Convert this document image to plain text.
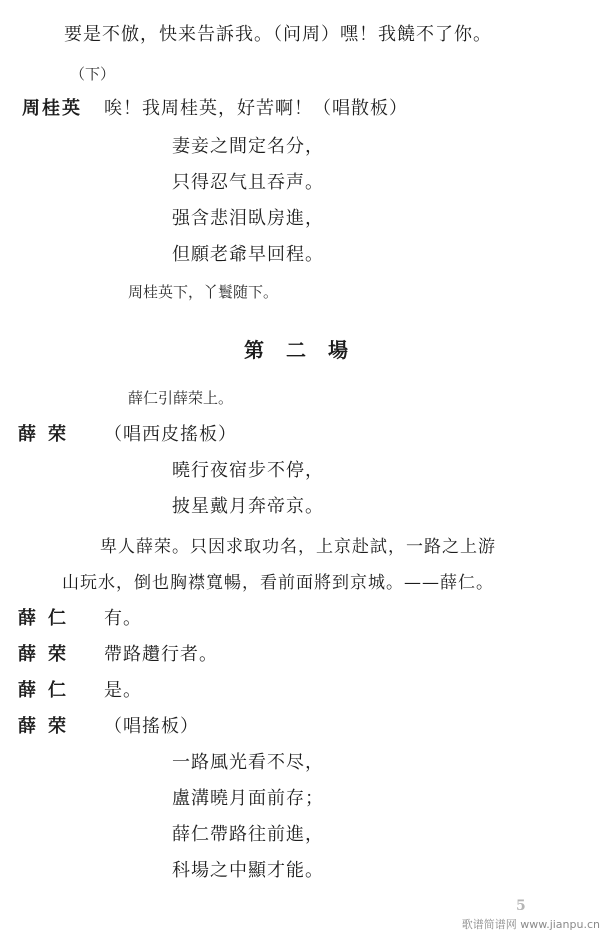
要是不倣，快来告訴我。（问周）嘿！我饒不了你。
（下）
周桂英 唉！我周桂英，好苦啊！（唱散板）
妻妾之間定名分，
只得忍气且吞声。
强含悲泪臥房進，
但願老爺早回程。
周桂英下，丫鬟随下。
第二場
薛仁引薛荣上。
薛荣 （唱西皮搖板）
曉行夜宿步不停，
披星戴月奔帝京。
卑人薛荣。只因求取功名，上京赴試，一路之上游
山玩水，倒也胸襟寬暢，看前面將到京城。——薛仁。
薛仁 有。
薛荣 帶路趲行者。
薛仁 是。
薛荣 （唱搖板）
一路風光看不尽，
盧溝曉月面前存；
薛仁帶路往前進，
科場之中顯才能。
5
歌谱简谱网 www.jianpu.cn
